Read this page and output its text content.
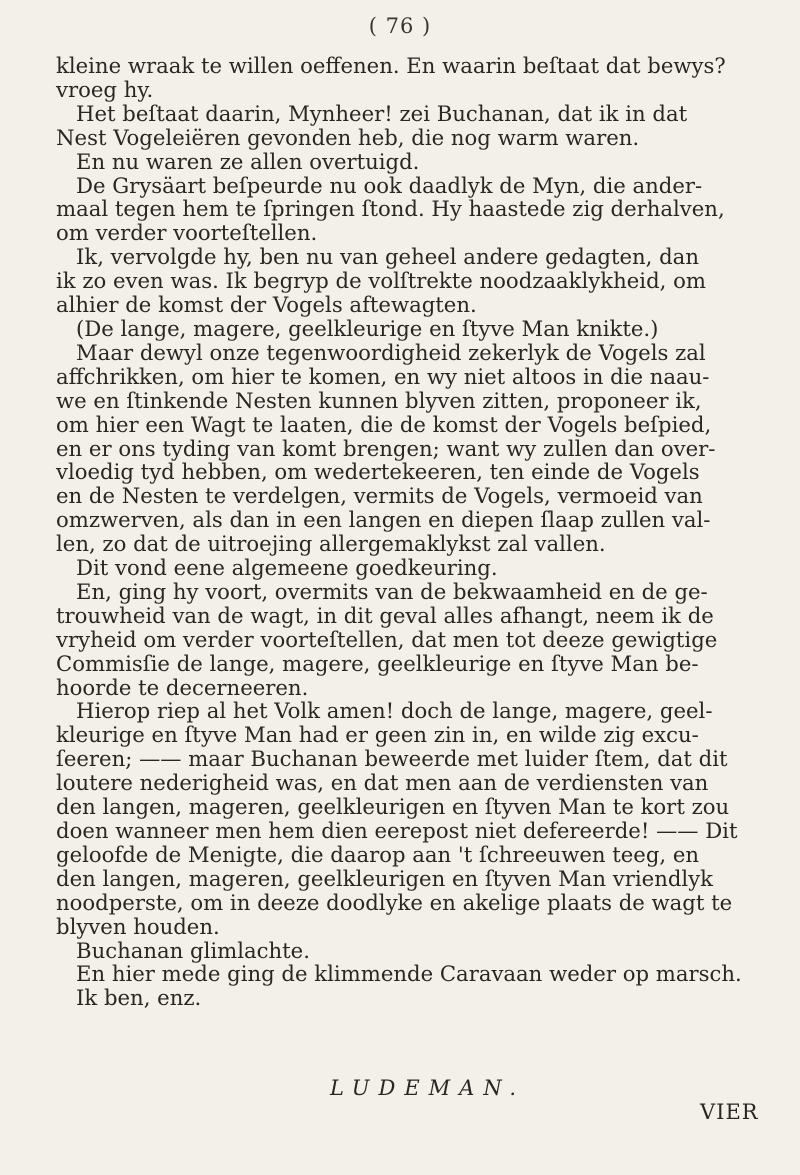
( 76 )
kleine wraak te willen oeffenen. En waarin beſtaat dat bewys?
vroeg hy.
Het beſtaat daarin, Mynheer! zei Buchanan, dat ik in dat
Nest Vogeleiëren gevonden heb, die nog warm waren.
En nu waren ze allen overtuigd.
De Grysäart beſpeurde nu ook daadlyk de Myn, die ander-
maal tegen hem te ſpringen ſtond. Hy haastede zig derhalven,
om verder voorteſtellen.
Ik, vervolgde hy, ben nu van geheel andere gedagten, dan
ik zo even was. Ik begryp de volſtrekte noodzaaklykheid, om
alhier de komst der Vogels aftewagten.
(De lange, magere, geelkleurige en ſtyve Man knikte.)
Maar dewyl onze tegenwoordigheid zekerlyk de Vogels zal
affchrikken, om hier te komen, en wy niet altoos in die naau-
we en ſtinkende Nesten kunnen blyven zitten, proponeer ik,
om hier een Wagt te laaten, die de komst der Vogels beſpied,
en er ons tyding van komt brengen; want wy zullen dan over-
vloedig tyd hebben, om wedertekeeren, ten einde de Vogels
en de Nesten te verdelgen, vermits de Vogels, vermoeid van
omzwerven, als dan in een langen en diepen ſlaap zullen val-
len, zo dat de uitroejing allergemaklykst zal vallen.
Dit vond eene algemeene goedkeuring.
En, ging hy voort, overmits van de bekwaamheid en de ge-
trouwheid van de wagt, in dit geval alles afhangt, neem ik de
vryheid om verder voorteſtellen, dat men tot deeze gewigtige
Commisſie de lange, magere, geelkleurige en ſtyve Man be-
hoorde te decerneeren.
Hierop riep al het Volk amen! doch de lange, magere, geel-
kleurige en ſtyve Man had er geen zin in, en wilde zig excu-
ſeeren; —— maar Buchanan beweerde met luider ſtem, dat dit
loutere nederigheid was, en dat men aan de verdiensten van
den langen, mageren, geelkleurigen en ſtyven Man te kort zou
doen wanneer men hem dien eerepost niet defereerde! —— Dit
geloofde de Menigte, die daarop aan 't ſchreeuwen teeg, en
den langen, mageren, geelkleurigen en ſtyven Man vriendlyk
noodperste, om in deeze doodlyke en akelige plaats de wagt te
blyven houden.
Buchanan glimlachte.
En hier mede ging de klimmende Caravaan weder op marsch.
Ik ben, enz.
LUDEMAN.
VIER
